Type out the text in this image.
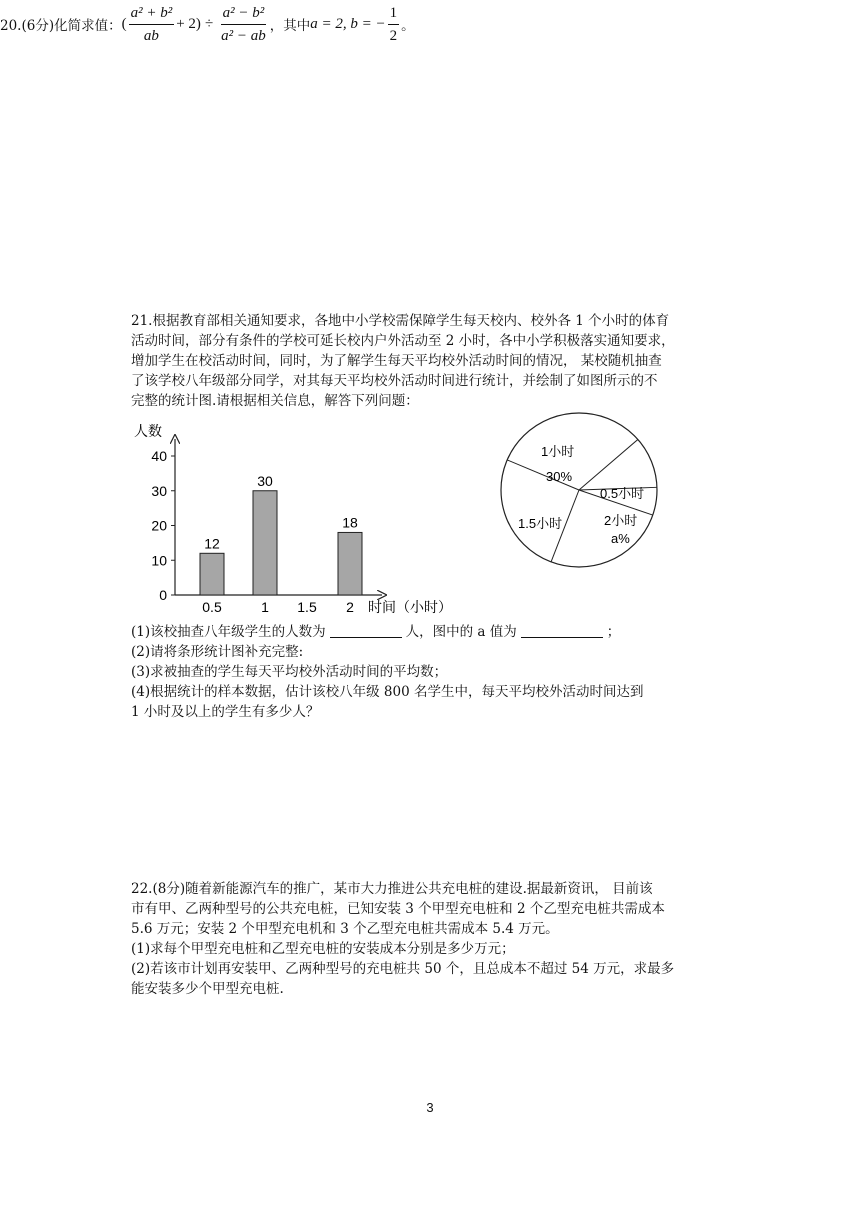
20.(6分)化简求值： ( $\frac{\text{a² + b²}}{ab} + 2) \div \frac{\text{a² − b²}}{\text{a² − ab}}$ ，其中 a = 2, b = − $\frac{1}{2}$ 。
21.根据教育部相关通知要求，各地中小学校需保障学生每天校内、校外各 1 个小时的体育
活动时间，部分有条件的学校可延长校内户外活动至 2 小时，各中小学积极落实通知要求，
增加学生在校活动时间，同时，为了解学生每天平均校外活动时间的情况， 某校随机抽查
了该学校八年级部分同学，对其每天平均校外活动时间进行统计，并绘制了如图所示的不
完整的统计图.请根据相关信息，解答下列问题：
人数
0
10
20
30
40
12
0.5
30
1 1.5
18
2 时间（小时）
1小时
30%
0.5小时
2小时
a%
1.5小时
(1)该校抽查八年级学生的人数为	人，图中的 a 值为	；
(2)请将条形统计图补充完整:
(3)求被抽查的学生每天平均校外活动时间的平均数；
(4)根据统计的样本数据，估计该校八年级 800 名学生中，每天平均校外活动时间达到
1 小时及以上的学生有多少人？
22.(8分)随着新能源汽车的推广，某市大力推进公共充电桩的建设.据最新资讯， 目前该
市有甲、乙两种型号的公共充电桩，已知安装 3 个甲型充电桩和 2 个乙型充电桩共需成本
5.6 万元；安装 2 个甲型充电机和 3 个乙型充电桩共需成本 5.4 万元。
(1)求每个甲型充电桩和乙型充电桩的安装成本分别是多少万元；
(2)若该市计划再安装甲、乙两种型号的充电桩共 50 个，且总成本不超过 54 万元，求最多
能安装多少个甲型充电桩.
3
